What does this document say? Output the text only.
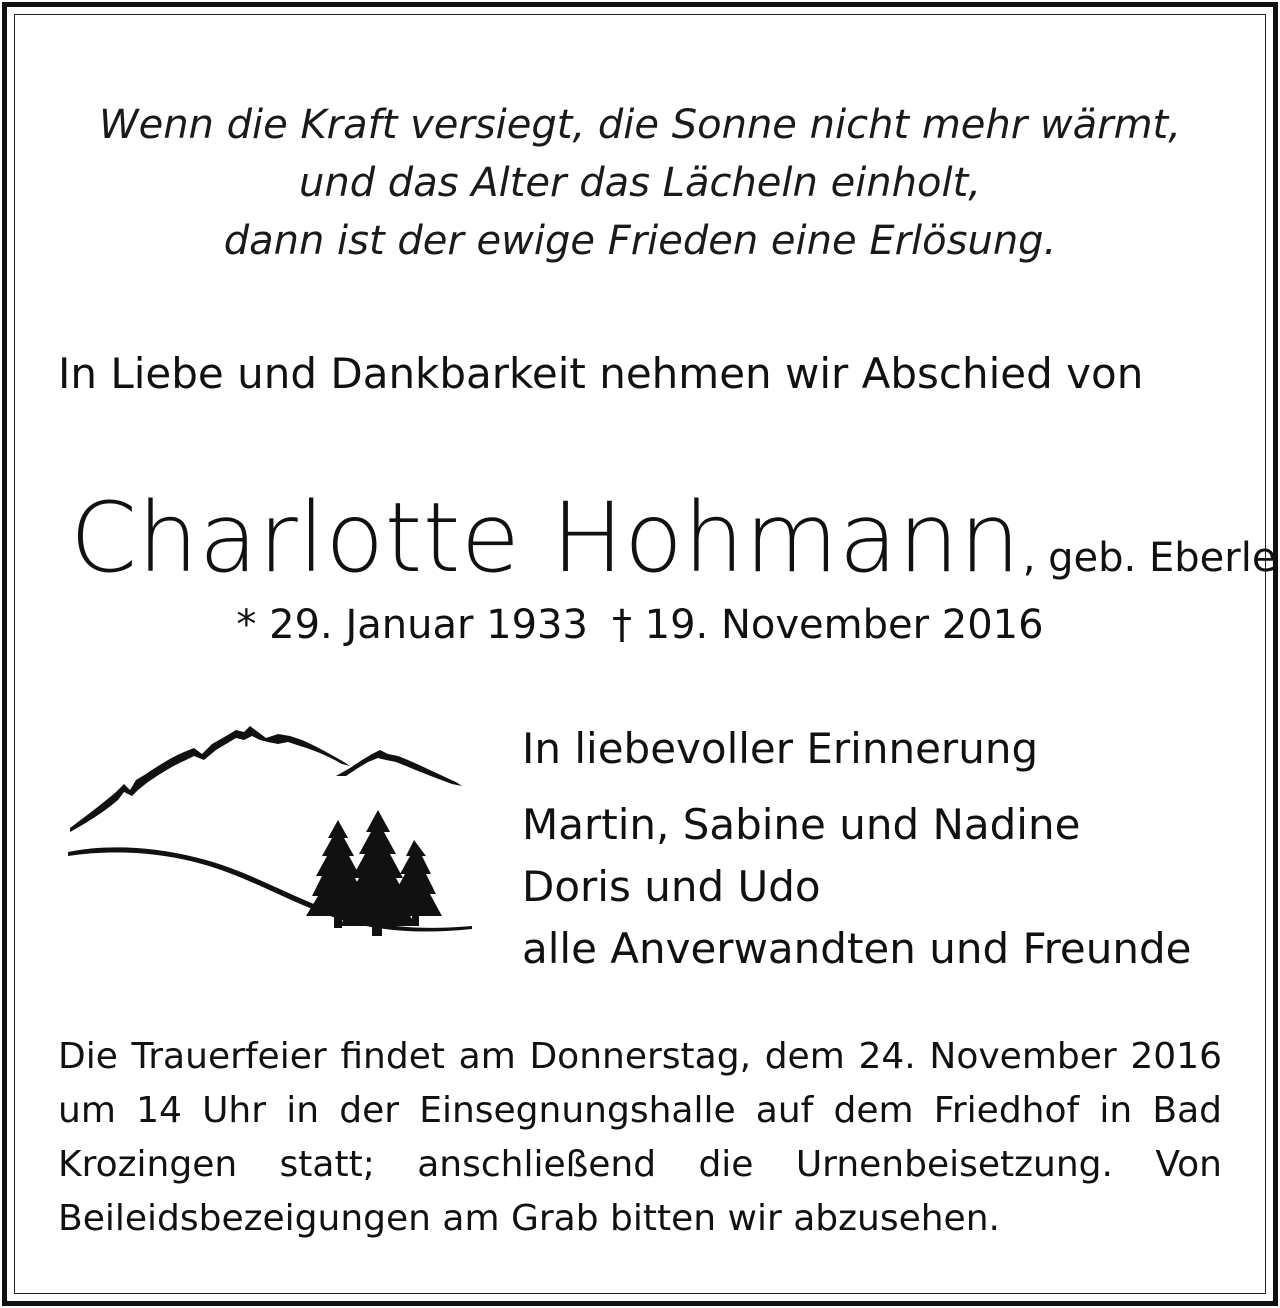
Wenn die Kraft versiegt, die Sonne nicht mehr wärmt,
und das Alter das Lächeln einholt,
dann ist der ewige Frieden eine Erlösung.
In Liebe und Dankbarkeit nehmen wir Abschied von
Charlotte Hohmann, geb. Eberle
* 29. Januar 1933 † 19. November 2016
In liebevoller Erinnerung
Martin, Sabine und Nadine
Doris und Udo
alle Anverwandten und Freunde
Die Trauerfeier findet am Donnerstag, dem 24. November 2016 um 14 Uhr in der Einsegnungshalle auf dem Friedhof in Bad Krozingen statt; anschließend die Urnenbeisetzung. Von Beileidsbezeigungen am Grab bitten wir abzusehen.
